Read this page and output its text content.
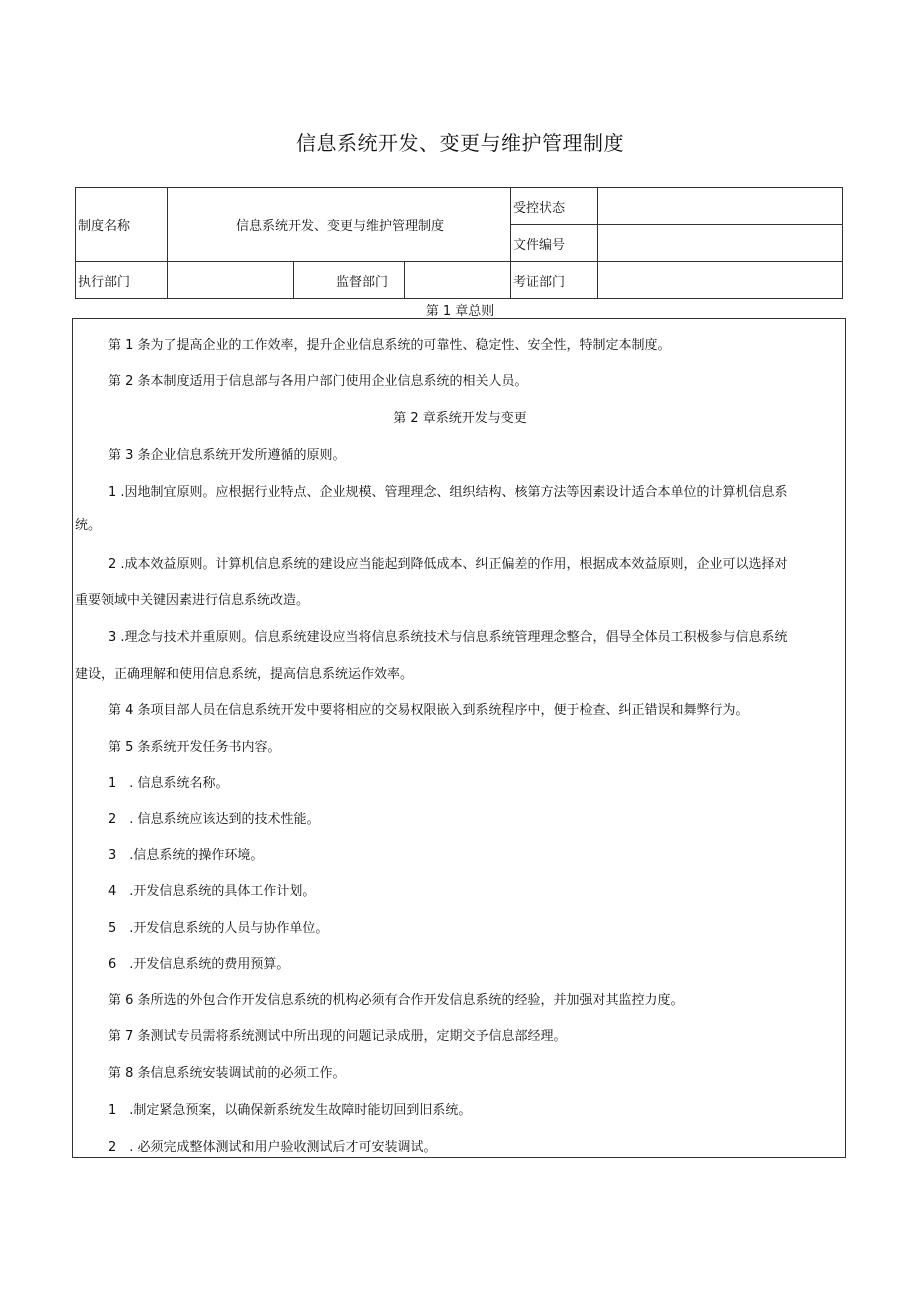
信息系统开发、变更与维护管理制度
制度名称	信息系统开发、变更与维护管理制度			受控状态	
				文件编号	
执行部门		监督部门		考证部门	
第 1 章总则
第 1 条为了提高企业的工作效率，提升企业信息系统的可靠性、稳定性、安全性，特制定本制度。
第 2 条本制度适用于信息部与各用户部门使用企业信息系统的相关人员。
第 2 章系统开发与变更
第 3 条企业信息系统开发所遵循的原则。
1 .因地制宜原则。应根据行业特点、企业规模、管理理念、组织结构、核第方法等因素设计适合本单位的计算机信息系
统。
2 .成本效益原则。计算机信息系统的建设应当能起到降低成本、纠正偏差的作用，根据成本效益原则，企业可以选择对
重要领域中关键因素进行信息系统改造。
3 .理念与技术并重原则。信息系统建设应当将信息系统技术与信息系统管理理念整合，倡导全体员工积极参与信息系统
建设，正确理解和使用信息系统，提高信息系统运作效率。
第 4 条项目部人员在信息系统开发中要将相应的交易权限嵌入到系统程序中，便于检查、纠正错误和舞弊行为。
第 5 条系统开发任务书内容。
1　. 信息系统名称。
2　. 信息系统应该达到的技术性能。
3　.信息系统的操作环境。
4　.开发信息系统的具体工作计划。
5　.开发信息系统的人员与协作单位。
6　.开发信息系统的费用预算。
第 6 条所选的外包合作开发信息系统的机构必须有合作开发信息系统的经验，并加强对其监控力度。
第 7 条测试专员需将系统测试中所出现的问题记录成册，定期交予信息部经理。
第 8 条信息系统安装调试前的必须工作。
1　.制定紧急预案，以确保新系统发生故障时能切回到旧系统。
2　. 必须完成整体测试和用户验收测试后才可安装调试。
